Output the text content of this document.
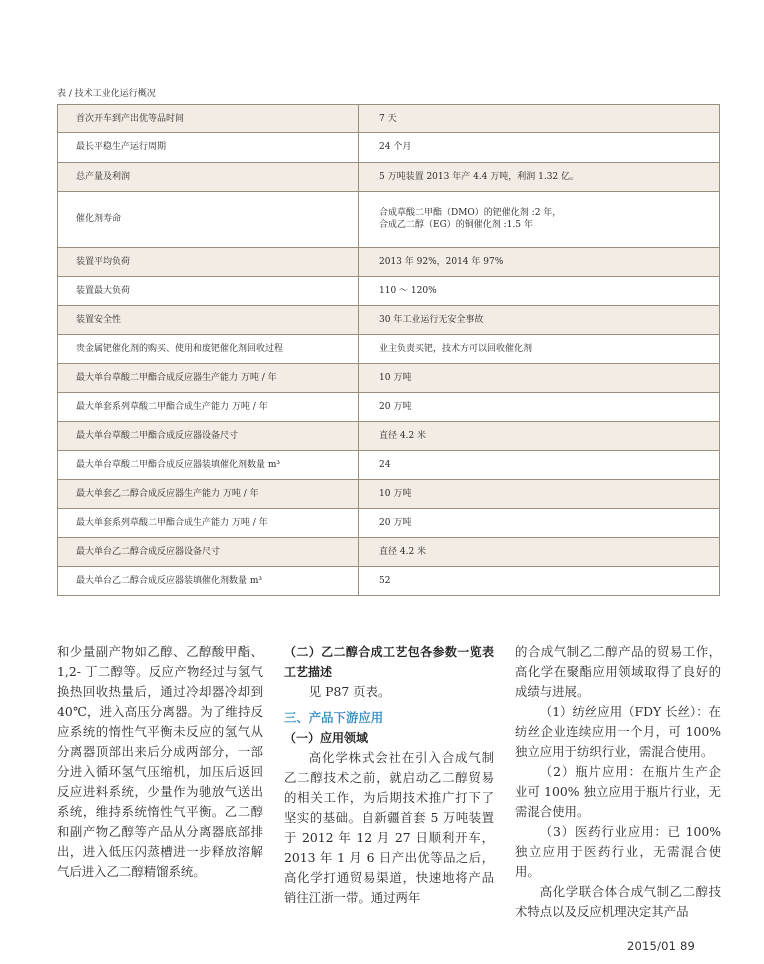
表 / 技术工业化运行概况
首次开车到产出优等品时间	7 天
最长平稳生产运行周期	24 个月
总产量及利润	5 万吨装置 2013 年产 4.4 万吨，利润 1.32 亿。
催化剂寿命	合成草酸二甲酯（DMO）的钯催化剂 :2 年，
合成乙二醇（EG）的铜催化剂 :1.5 年

装置平均负荷	2013 年 92%，2014 年 97%
装置最大负荷	110 ～ 120%
装置安全性	30 年工业运行无安全事故
贵金属钯催化剂的购买、使用和废钯催化剂回收过程	业主负责买钯，技术方可以回收催化剂
最大单台草酸二甲酯合成反应器生产能力 万吨 / 年	10 万吨
最大单套系列草酸二甲酯合成生产能力 万吨 / 年	20 万吨
最大单台草酸二甲酯合成反应器设备尺寸	直径 4.2 米
最大单台草酸二甲酯合成反应器装填催化剂数量 m³	24
最大单套乙二醇合成反应器生产能力 万吨 / 年	10 万吨
最大单套系列草酸二甲酯合成生产能力 万吨 / 年	20 万吨
最大单台乙二醇合成反应器设备尺寸	直径 4.2 米
最大单台乙二醇合成反应器装填催化剂数量 m³	52

和少量副产物如乙醇、乙醇酸甲酯、1,2- 丁二醇等。反应产物经过与氢气换热回收热量后，通过冷却器冷却到 40℃，进入高压分离器。为了维持反应系统的惰性气平衡未反应的氢气从分离器顶部出来后分成两部分，一部分进入循环氢气压缩机，加压后返回反应进料系统，少量作为驰放气送出系统，维持系统惰性气平衡。乙二醇和副产物乙醇等产品从分离器底部排出，进入低压闪蒸槽进一步释放溶解气后进入乙二醇精馏系统。

（二）乙二醇合成工艺包各参数一览表工艺描述

见 P87 页表。

三、产品下游应用

（一）应用领域

高化学株式会社在引入合成气制乙二醇技术之前，就启动乙二醇贸易的相关工作，为后期技术推广打下了坚实的基础。自新疆首套 5 万吨装置于 2012 年 12 月 27 日顺利开车，2013 年 1 月 6 日产出优等品之后，高化学打通贸易渠道，快速地将产品销往江浙一带。通过两年

的合成气制乙二醇产品的贸易工作，高化学在聚酯应用领域取得了良好的成绩与进展。

（1）纺丝应用（FDY 长丝）：在纺丝企业连续应用一个月，可 100% 独立应用于纺织行业，需混合使用。

（2）瓶片应用：在瓶片生产企业可 100% 独立应用于瓶片行业，无需混合使用。

（3）医药行业应用：已 100% 独立应用于医药行业，无需混合使用。

高化学联合体合成气制乙二醇技术特点以及反应机理决定其产品

2015/01 89
